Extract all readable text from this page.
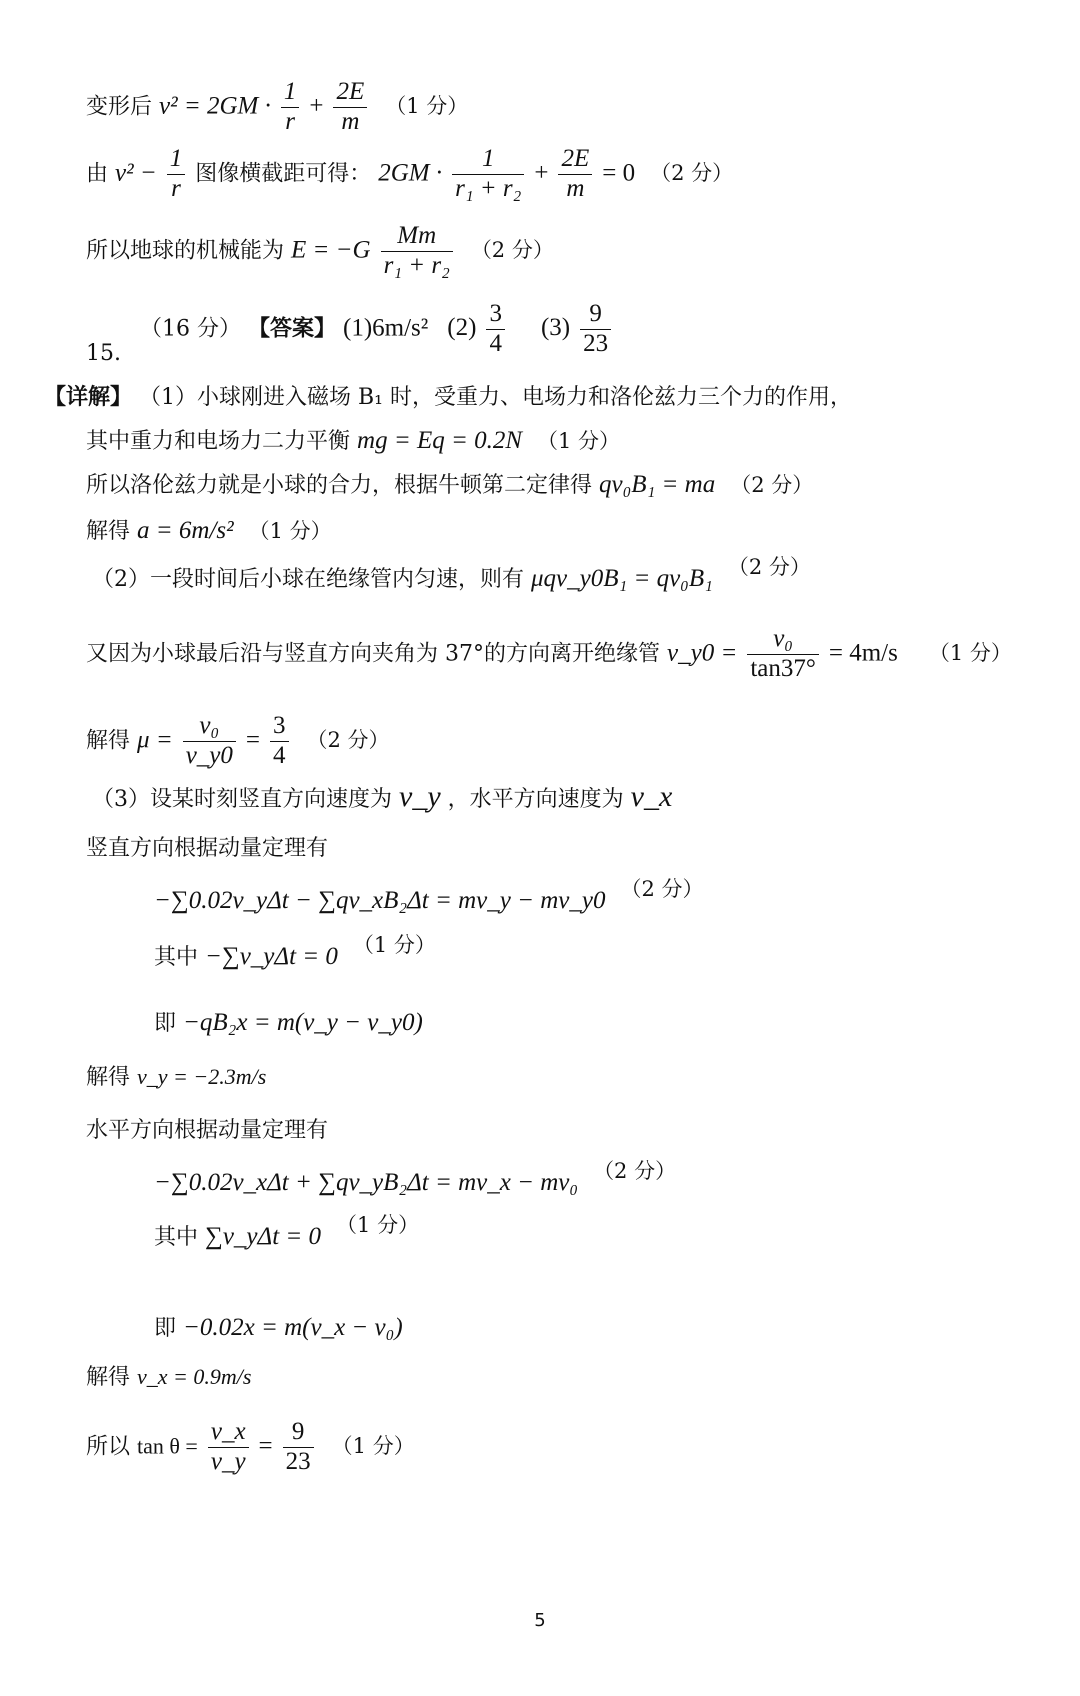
变形后 $v^2 = 2GM \cdot \frac{1}{r} + \frac{2E}{m} (1$ 分）
由 $v^2 - \frac{1}{r}$ 图像横截距可得： $2GM \cdot \frac{1}{\text{r₁ + r₂}} + \frac{2E}{m} = 0$ （2 分）
所以地球的机械能为 $E = -G \frac{Mm}{\text{r₁ + r₂}} (2$ 分）
15.
（16 分） 【答案】 (1)6m/s² $(2) \frac{3}{4} (3) \frac{9}{23}$
【详解】 （1）小球刚进入磁场 B₁ 时，受重力、电场力和洛伦兹力三个力的作用，
其中重力和电场力二力平衡 mg = Eq = 0.2N （1 分）
所以洛伦兹力就是小球的合力，根据牛顿第二定律得 qv₀B₁ = ma （2 分）
解得 a = 6m/s² （1 分）
（2）一段时间后小球在绝缘管内匀速，则有 μqv_y0B₁ = qv₀B₁ （2 分）
又因为小球最后沿与竖直方向夹角为 37°的方向离开绝缘管 v_y0 = $\frac{\text{v₀}}{\tan 37^\circ} = 4m/s$ （1 分）
解得 $\mu = \frac{\text{v₀}}{v\_y0} = \frac{3}{4} (2$ 分）
（3）设某时刻竖直方向速度为 v_y ，水平方向速度为 v_x
竖直方向根据动量定理有
−∑0.02v_yΔt − ∑qv_xB₂Δt = mv_y − mv_y0 （2 分）
其中 −∑v_yΔt = 0 （1 分）
即 −qB₂x = m(v_y − v_y0)
解得 v_y = −2.3m/s
水平方向根据动量定理有
−∑0.02v_xΔt + ∑qv_yB₂Δt = mv_x − mv₀ （2 分）
其中 ∑v_yΔt = 0 （1 分）
即 −0.02x = m(v_x − v₀)
解得 v_x = 0.9m/s
所以 $\tan \theta = \frac{v\_x}{v\_y} = \frac{9}{23} (1$ 分）
5
